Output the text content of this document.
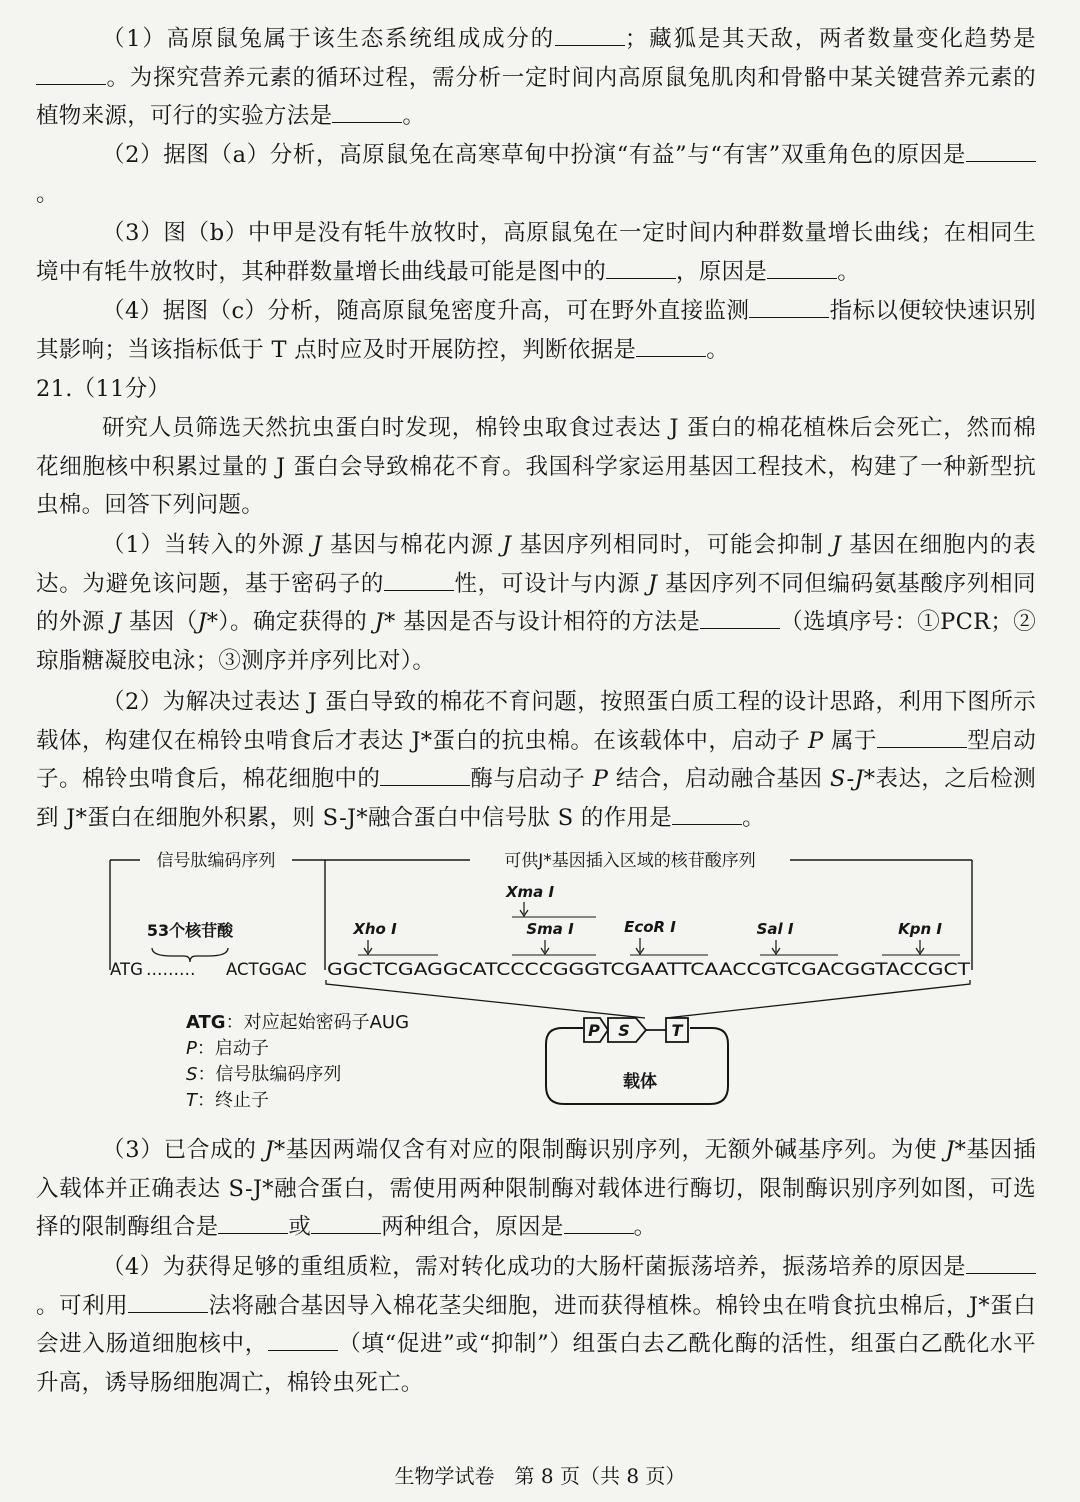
（1）高原鼠兔属于该生态系统组成成分的	；藏狐是其天敌，两者数量变化趋势是。为探究营养元素的循环过程，需分析一定时间内高原鼠兔肌肉和骨骼中某关键营养元素的植物来源，可行的实验方法是	。

（2）据图（a）分析，高原鼠兔在高寒草甸中扮演“有益”与“有害”双重角色的原因是。

（3）图（b）中甲是没有牦牛放牧时，高原鼠兔在一定时间内种群数量增长曲线；在相同生境中有牦牛放牧时，其种群数量增长曲线最可能是图中的	，原因是	。

（4）据图（c）分析，随高原鼠兔密度升高，可在野外直接监测	指标以便较快速识别其影响；当该指标低于 T 点时应及时开展防控，判断依据是	。

21.（11分）

研究人员筛选天然抗虫蛋白时发现，棉铃虫取食过表达 J 蛋白的棉花植株后会死亡，然而棉花细胞核中积累过量的 J 蛋白会导致棉花不育。我国科学家运用基因工程技术，构建了一种新型抗虫棉。回答下列问题。

（1）当转入的外源 J 基因与棉花内源 J 基因序列相同时，可能会抑制 J 基因在细胞内的表达。为避免该问题，基于密码子的	性，可设计与内源 J 基因序列不同但编码氨基酸序列相同的外源 J 基因（J*）。确定获得的 J* 基因是否与设计相符的方法是	（选填序号：①PCR；②琼脂糖凝胶电泳；③测序并序列比对）。

（2）为解决过表达 J 蛋白导致的棉花不育问题，按照蛋白质工程的设计思路，利用下图所示载体，构建仅在棉铃虫啃食后才表达 J*蛋白的抗虫棉。在该载体中，启动子 P 属于	型启动子。棉铃虫啃食后，棉花细胞中的	酶与启动子 P 结合，启动融合基因 S-J*表达，之后检测到 J*蛋白在细胞外积累，则 S-J*融合蛋白中信号肽 S 的作用是	。

信号肽编码序列	可供J*基因插入区域的核苷酸序列
53个核苷酸
ATG ……… ACTGGAC GGCTCGAGGCATCCCCGGGTCGAATTCAACCGTCGACGGTACCGCT
Xho I
Xma I
Sma I	EcoR I	Sal I	Kpn I
P S	T
载体
ATG：对应起始密码子AUG
P：启动子
S：信号肽编码序列
T：终止子

（3）已合成的 J*基因两端仅含有对应的限制酶识别序列，无额外碱基序列。为使 J*基因插入载体并正确表达 S-J*融合蛋白，需使用两种限制酶对载体进行酶切，限制酶识别序列如图，可选择的限制酶组合是	或	两种组合，原因是	。

（4）为获得足够的重组质粒，需对转化成功的大肠杆菌振荡培养，振荡培养的原因是。可利用	法将融合基因导入棉花茎尖细胞，进而获得植株。棉铃虫在啃食抗虫棉后，J*蛋白会进入肠道细胞核中，	（填“促进”或“抑制”）组蛋白去乙酰化酶的活性，组蛋白乙酰化水平升高，诱导肠细胞凋亡，棉铃虫死亡。

生物学试卷　第 8 页（共 8 页）
